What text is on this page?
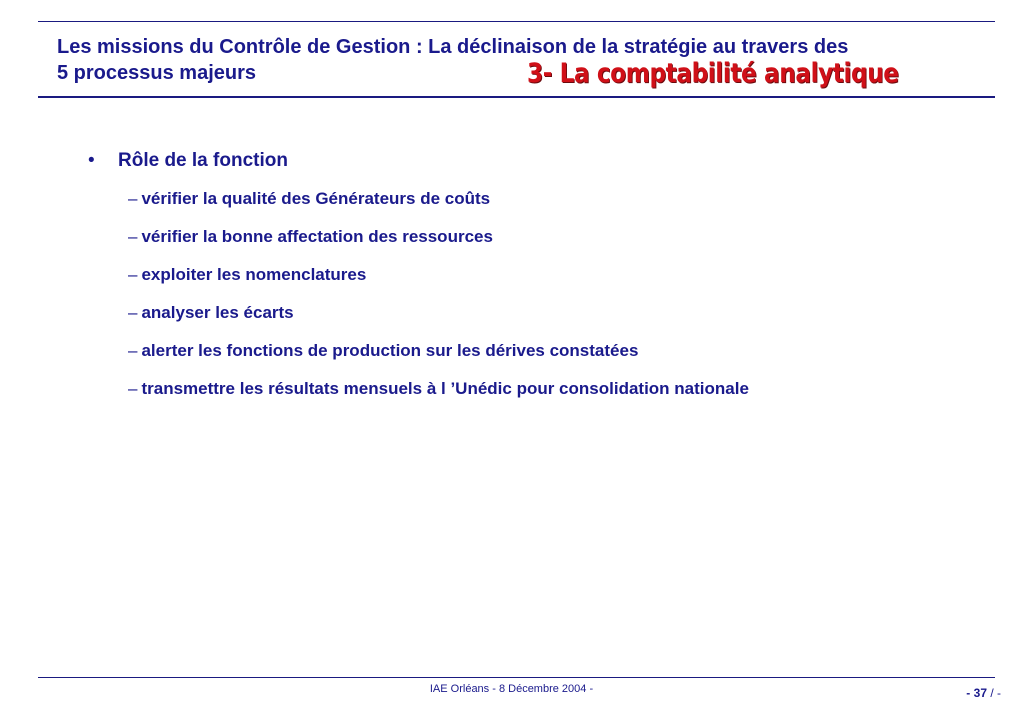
Les missions du Contrôle de Gestion : La déclinaison de la stratégie au travers des
5 processus majeurs	3- La comptabilité analytique
•	Rôle de la fonction
– vérifier la qualité des Générateurs de coûts
– vérifier la bonne affectation des ressources
– exploiter les nomenclatures
– analyser les écarts
– alerter les fonctions de production sur les dérives constatées
– transmettre les résultats mensuels à l ’Unédic pour consolidation nationale
IAE Orléans - 8 Décembre 2004 -	- 37 / -
